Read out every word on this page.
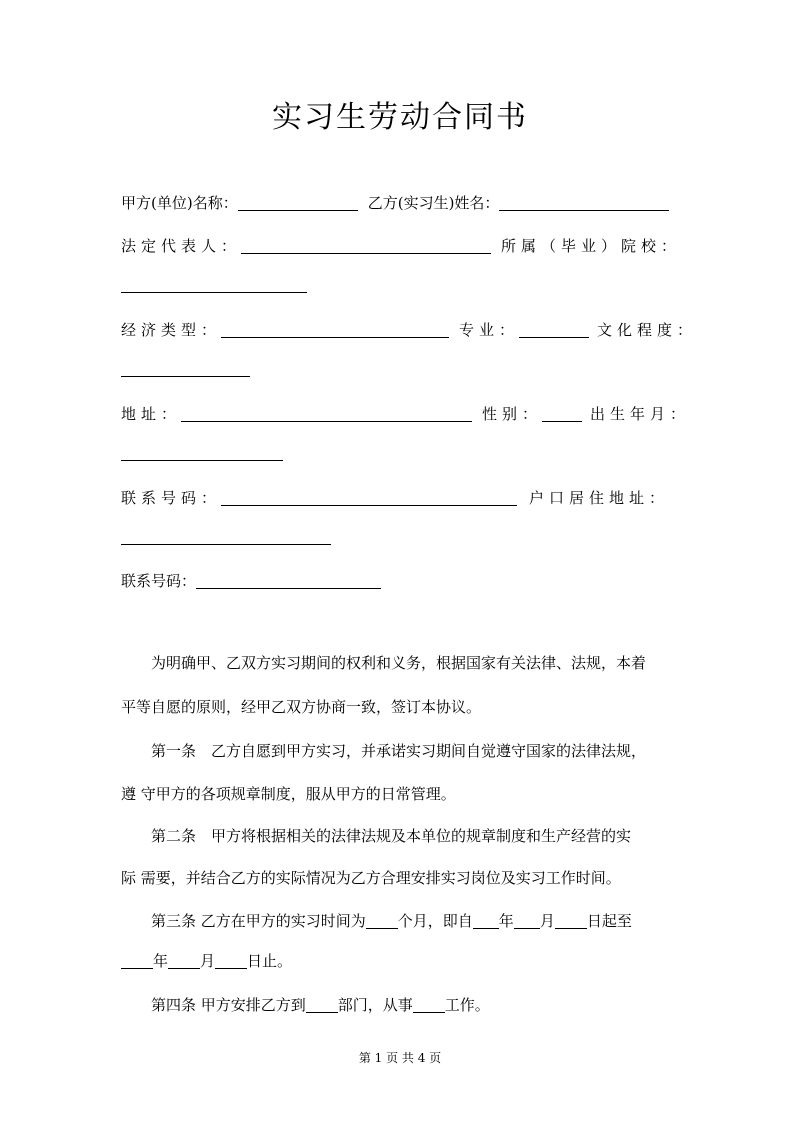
实习生劳动合同书
甲方(单位)名称：	乙方(实习生)姓名：
法定代表人：	所属（毕业）院校：
经济类型：	专业：	文化程度：
地址：	性别：	出生年月：
联系号码：	户口居住地址：
联系号码：
为明确甲、乙双方实习期间的权利和义务，根据国家有关法律、法规，本着
平等自愿的原则，经甲乙双方协商一致，签订本协议。
第一条　乙方自愿到甲方实习，并承诺实习期间自觉遵守国家的法律法规，
遵 守甲方的各项规章制度，服从甲方的日常管理。
第二条　甲方将根据相关的法律法规及本单位的规章制度和生产经营的实
际 需要，并结合乙方的实际情况为乙方合理安排实习岗位及实习工作时间。
第三条 乙方在甲方的实习时间为 个月，即自 年 月 日起至
年 月 日止。
第四条 甲方安排乙方到 部门，从事 工作。
第 1 页 共 4 页
